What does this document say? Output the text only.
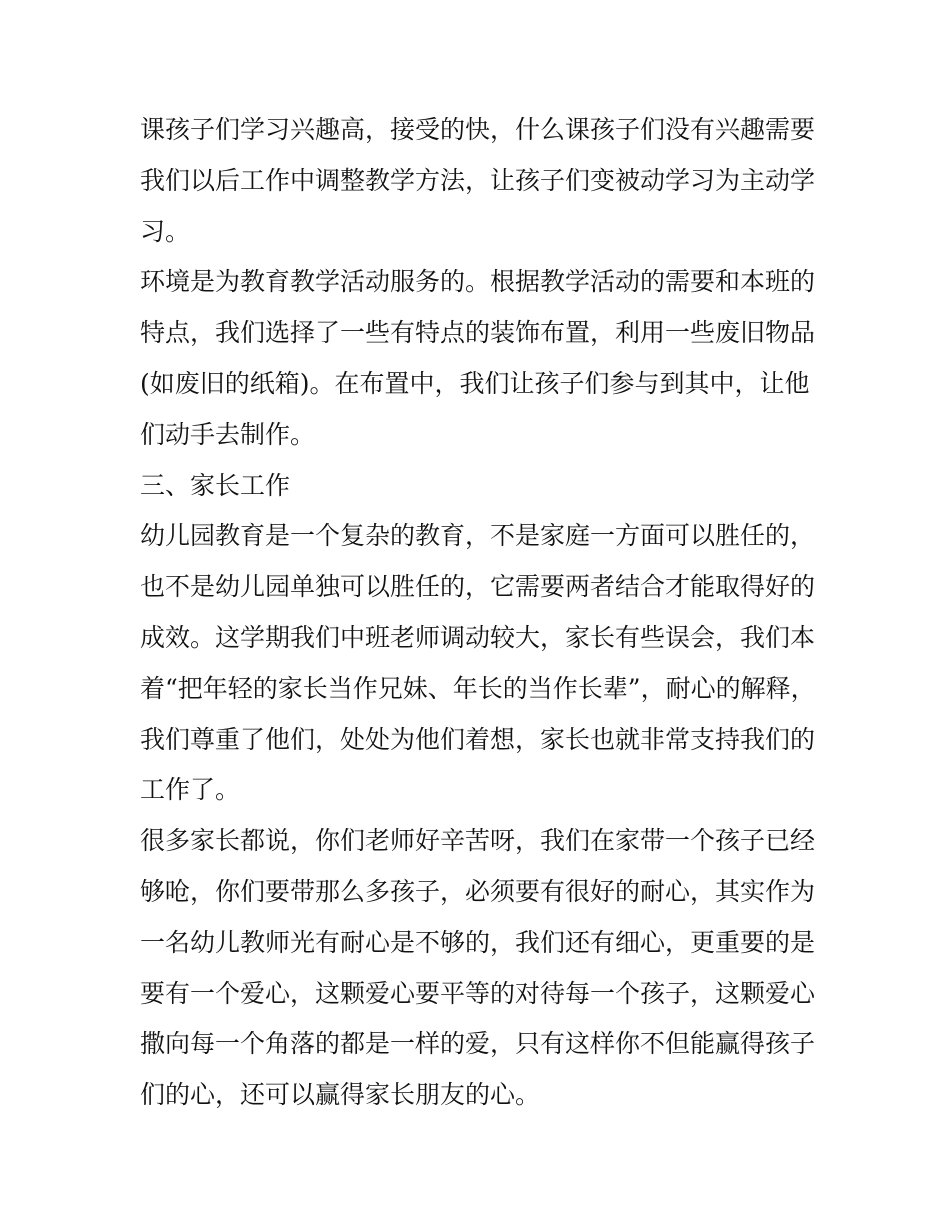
课孩子们学习兴趣高，接受的快，什么课孩子们没有兴趣需要
我们以后工作中调整教学方法，让孩子们变被动学习为主动学
习。
环境是为教育教学活动服务的。根据教学活动的需要和本班的
特点，我们选择了一些有特点的装饰布置，利用一些废旧物品
(如废旧的纸箱)。在布置中，我们让孩子们参与到其中，让他
们动手去制作。
三、家长工作
幼儿园教育是一个复杂的教育，不是家庭一方面可以胜任的，
也不是幼儿园单独可以胜任的，它需要两者结合才能取得好的
成效。这学期我们中班老师调动较大，家长有些误会，我们本
着“把年轻的家长当作兄妹、年长的当作长辈”，耐心的解释，
我们尊重了他们，处处为他们着想，家长也就非常支持我们的
工作了。
很多家长都说，你们老师好辛苦呀，我们在家带一个孩子已经
够呛，你们要带那么多孩子，必须要有很好的耐心，其实作为
一名幼儿教师光有耐心是不够的，我们还有细心，更重要的是
要有一个爱心，这颗爱心要平等的对待每一个孩子，这颗爱心
撒向每一个角落的都是一样的爱，只有这样你不但能赢得孩子
们的心，还可以赢得家长朋友的心。
